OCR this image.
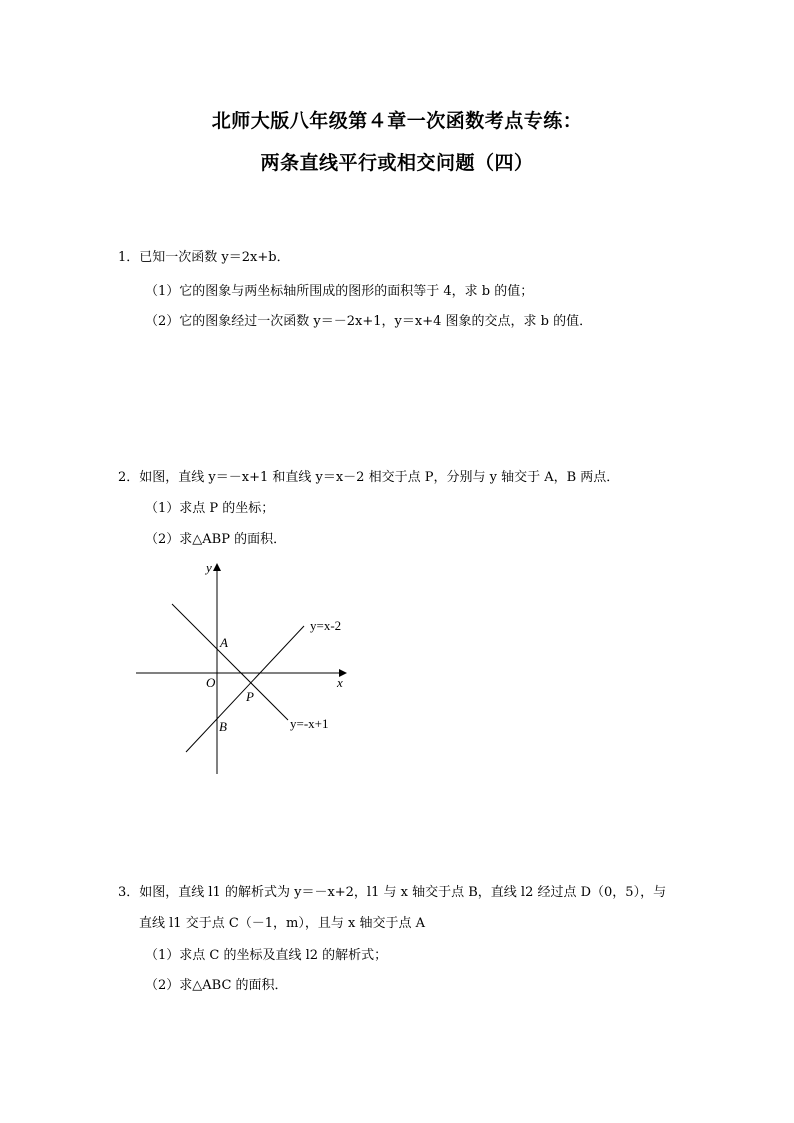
北师大版八年级第４章一次函数考点专练：
两条直线平行或相交问题（四）
1．已知一次函数 y＝2x+b．
（1）它的图象与两坐标轴所围成的图形的面积等于 4，求 b 的值；
（2）它的图象经过一次函数 y＝－2x+1，y＝x+4 图象的交点，求 b 的值．
2．如图，直线 y＝－x+1 和直线 y＝x－2 相交于点 P，分别与 y 轴交于 A，B 两点．
（1）求点 P 的坐标；
（2）求△ABP 的面积．
y
x
O
A
B
P
y=x-2
y=-x+1
3．如图，直线 l1 的解析式为 y＝－x+2，l1 与 x 轴交于点 B，直线 l2 经过点 D（0，5），与
直线 l1 交于点 C（－1，m），且与 x 轴交于点 A
（1）求点 C 的坐标及直线 l2 的解析式；
（2）求△ABC 的面积．
